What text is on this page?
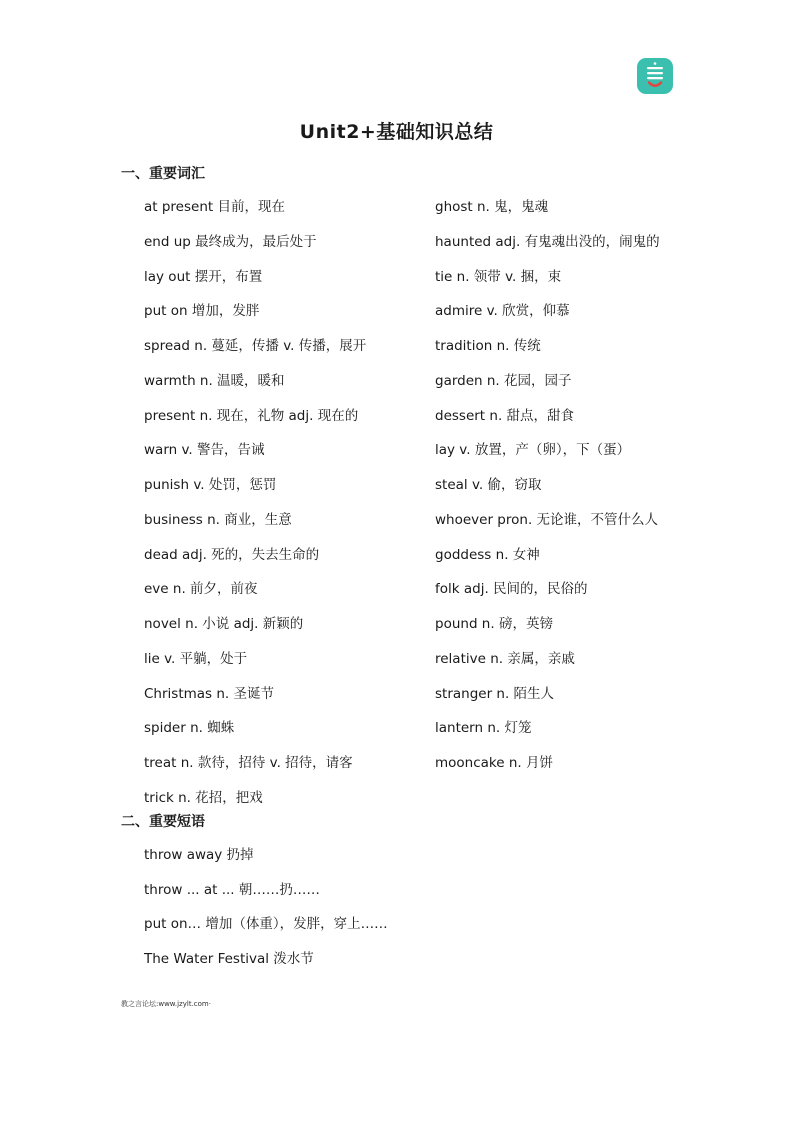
Unit2+基础知识总结
一、重要词汇
at present 目前，现在
end up 最终成为，最后处于
lay out 摆开，布置
put on 增加，发胖
spread n. 蔓延，传播 v. 传播，展开
warmth n. 温暖，暖和
present n. 现在，礼物 adj. 现在的
warn v. 警告，告诫
punish v. 处罚，惩罚
business n. 商业，生意
dead adj. 死的，失去生命的
eve n. 前夕，前夜
novel n. 小说 adj. 新颖的
lie v. 平躺，处于
Christmas n. 圣诞节
spider n. 蜘蛛
treat n. 款待，招待 v. 招待，请客
trick n. 花招，把戏
ghost n. 鬼，鬼魂
haunted adj. 有鬼魂出没的，闹鬼的
tie n. 领带 v. 捆，束
admire v. 欣赏，仰慕
tradition n. 传统
garden n. 花园，园子
dessert n. 甜点，甜食
lay v. 放置，产（卵），下（蛋）
steal v. 偷，窃取
whoever pron. 无论谁，不管什么人
goddess n. 女神
folk adj. 民间的，民俗的
pound n. 磅，英镑
relative n. 亲属，亲戚
stranger n. 陌生人
lantern n. 灯笼
mooncake n. 月饼
二、重要短语
throw away 扔掉
throw ... at ... 朝……扔……
put on… 增加（体重），发胖，穿上……
The Water Festival 泼水节
教之言论坛:www.jzylt.com·
